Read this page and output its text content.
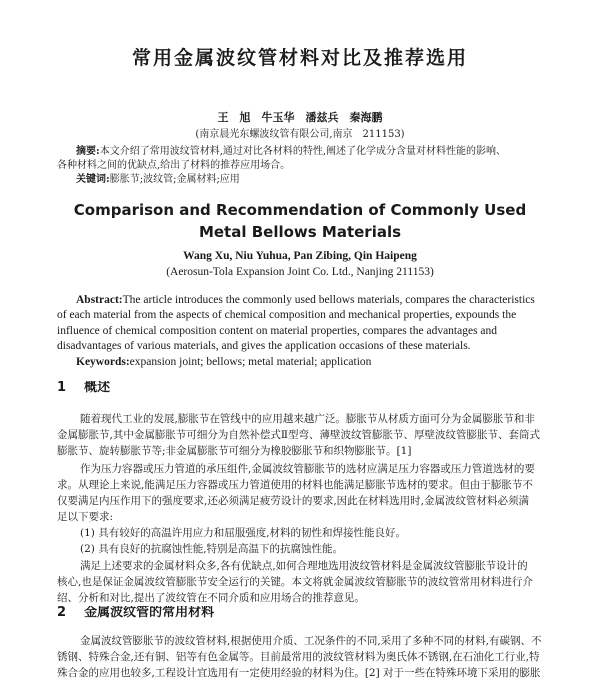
常用金属波纹管材料对比及推荐选用
王　旭　牛玉华　潘兹兵　秦海鹏
(南京晨光东螺波纹管有限公司,南京　211153)
摘要:本文介绍了常用波纹管材料,通过对比各材料的特性,阐述了化学成分含量对材料性能的影响、
各种材料之间的优缺点,给出了材料的推荐应用场合。
关键词:膨胀节;波纹管;金属材料;应用
Comparison and Recommendation of Commonly Used
Metal Bellows Materials
Wang Xu, Niu Yuhua, Pan Zibing, Qin Haipeng
(Aerosun-Tola Expansion Joint Co. Ltd., Nanjing 211153)
Abstract:The article introduces the commonly used bellows materials, compares the characteristics
of each material from the aspects of chemical composition and mechanical properties, expounds the
influence of chemical composition content on material properties, compares the advantages and
disadvantages of various materials, and gives the application occasions of these materials.
Keywords:expansion joint; bellows; metal material; application
1 概述
随着现代工业的发展,膨胀节在管线中的应用越来越广泛。膨胀节从材质方面可分为金属膨胀节和非
金属膨胀节,其中金属膨胀节可细分为自然补偿式Ⅱ型弯、薄壁波纹管膨胀节、厚壁波纹管膨胀节、套筒式
膨胀节、旋转膨胀节等;非金属膨胀节可细分为橡胶膨胀节和织物膨胀节。[1]
作为压力容器或压力管道的承压组件,金属波纹管膨胀节的选材应满足压力容器或压力管道选材的要
求。从理论上来说,能满足压力容器或压力管道使用的材料也能满足膨胀节选材的要求。但由于膨胀节不
仅要满足内压作用下的强度要求,还必须满足疲劳设计的要求,因此在材料选用时,金属波纹管材料必须满
足以下要求:
(1) 具有较好的高温许用应力和屈服强度,材料的韧性和焊接性能良好。
(2) 具有良好的抗腐蚀性能,特别是高温下的抗腐蚀性能。
满足上述要求的金属材料众多,各有优缺点,如何合理地选用波纹管材料是金属波纹管膨胀节设计的
核心,也是保证金属波纹管膨胀节安全运行的关键。本文将就金属波纹管膨胀节的波纹管常用材料进行介
绍、分析和对比,提出了波纹管在不同介质和应用场合的推荐意见。
2 金属波纹管的常用材料
金属波纹管膨胀节的波纹管材料,根据使用介质、工况条件的不同,采用了多种不同的材料,有碳钢、不
锈钢、特殊合金,还有铜、铝等有色金属等。目前最常用的波纹管材料为奥氏体不锈钢,在石油化工行业,特
殊合金的应用也较多,工程设计宜选用有一定使用经验的材料为住。[2] 对于一些在特殊环境下采用的膨胀
